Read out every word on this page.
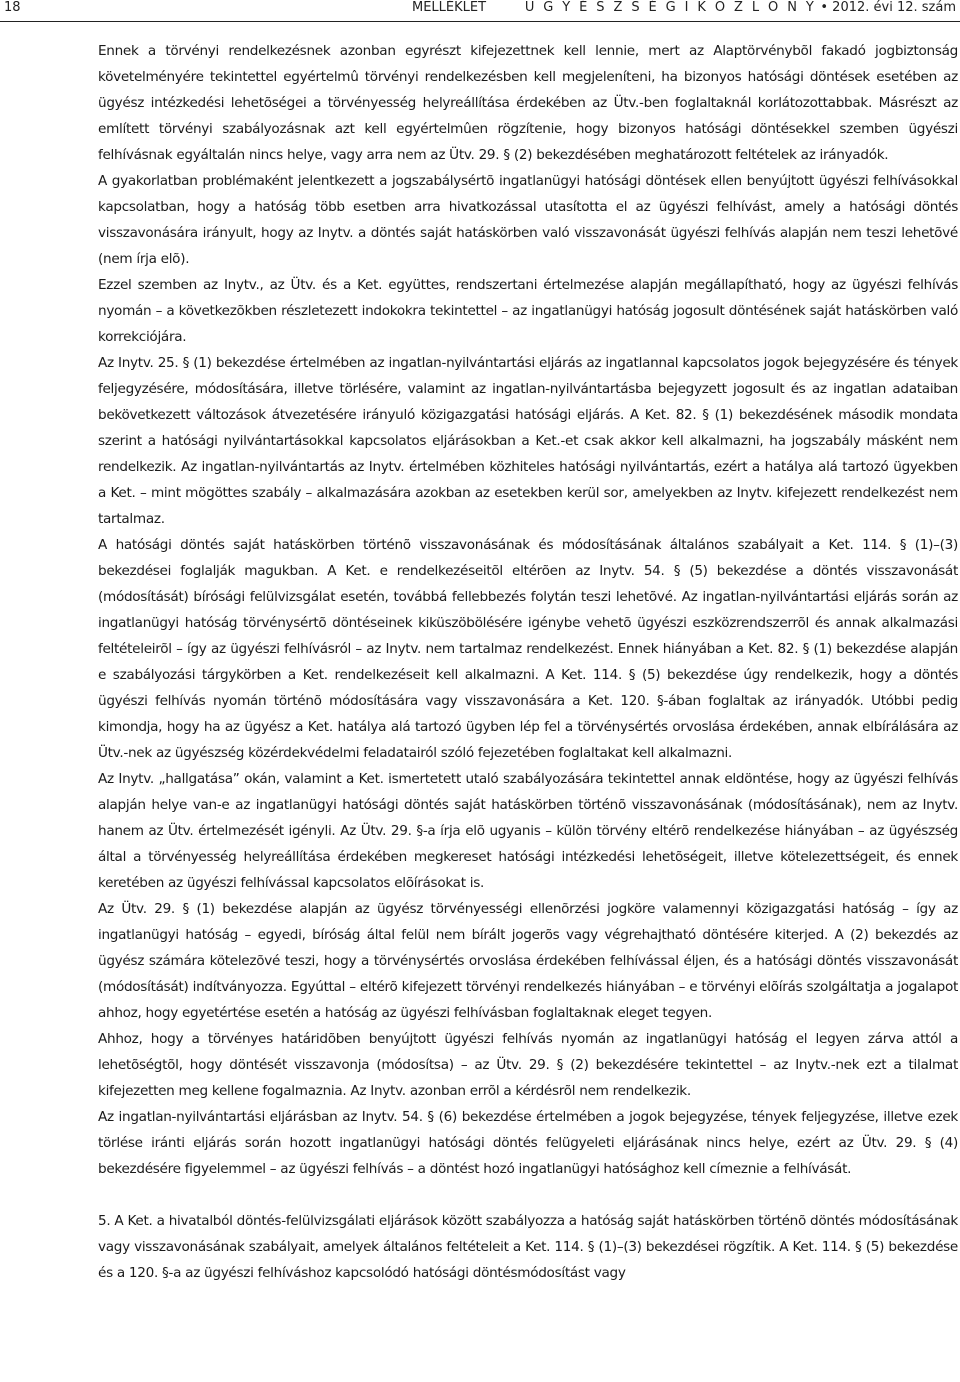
18	MELLÉKLET	Ü G Y É S Z S É G I K Ö Z L Ö N Y • 2012. évi 12. szám

Ennek a törvényi rendelkezésnek azonban egyrészt kifejezettnek kell lennie, mert az Alaptörvénybõl fakadó jogbiztonság követelményére tekintettel egyértelmû törvényi rendelkezésben kell megjeleníteni, ha bizonyos hatósági döntések esetében az ügyész intézkedési lehetõségei a törvényesség helyreállítása érdekében az Ütv.-ben foglaltaknál korlátozottabbak. Másrészt az említett törvényi szabályozásnak azt kell egyértelmûen rögzítenie, hogy bizonyos hatósági döntésekkel szemben ügyészi felhívásnak egyáltalán nincs helye, vagy arra nem az Ütv. 29. § (2) bekezdésében meghatározott feltételek az irányadók.

A gyakorlatban problémaként jelentkezett a jogszabálysértõ ingatlanügyi hatósági döntések ellen benyújtott ügyészi felhívásokkal kapcsolatban, hogy a hatóság több esetben arra hivatkozással utasította el az ügyészi felhívást, amely a hatósági döntés visszavonására irányult, hogy az Inytv. a döntés saját hatáskörben való visszavonását ügyészi felhívás alapján nem teszi lehetõvé (nem írja elõ).

Ezzel szemben az Inytv., az Ütv. és a Ket. együttes, rendszertani értelmezése alapján megállapítható, hogy az ügyészi felhívás nyomán – a következõkben részletezett indokokra tekintettel – az ingatlanügyi hatóság jogosult döntésének saját hatáskörben való korrekciójára.

Az Inytv. 25. § (1) bekezdése értelmében az ingatlan-nyilvántartási eljárás az ingatlannal kapcsolatos jogok bejegyzésére és tények feljegyzésére, módosítására, illetve törlésére, valamint az ingatlan-nyilvántartásba bejegyzett jogosult és az ingatlan adataiban bekövetkezett változások átvezetésére irányuló közigazgatási hatósági eljárás. A Ket. 82. § (1) bekezdésének második mondata szerint a hatósági nyilvántartásokkal kapcsolatos eljárásokban a Ket.-et csak akkor kell alkalmazni, ha jogszabály másként nem rendelkezik. Az ingatlan-nyilvántartás az Inytv. értelmében közhiteles hatósági nyilvántartás, ezért a hatálya alá tartozó ügyekben a Ket. – mint mögöttes szabály – alkalmazására azokban az esetekben kerül sor, amelyekben az Inytv. kifejezett rendelkezést nem tartalmaz.

A hatósági döntés saját hatáskörben történõ visszavonásának és módosításának általános szabályait a Ket. 114. § (1)–(3) bekezdései foglalják magukban. A Ket. e rendelkezéseitõl eltérõen az Inytv. 54. § (5) bekezdése a döntés visszavonását (módosítását) bírósági felülvizsgálat esetén, továbbá fellebbezés folytán teszi lehetõvé. Az ingatlan-nyilvántartási eljárás során az ingatlanügyi hatóság törvénysértõ döntéseinek kiküszöbölésére igénybe vehetõ ügyészi eszközrendszerrõl és annak alkalmazási feltételeirõl – így az ügyészi felhívásról – az Inytv. nem tartalmaz rendelkezést. Ennek hiányában a Ket. 82. § (1) bekezdése alapján e szabályozási tárgykörben a Ket. rendelkezéseit kell alkalmazni. A Ket. 114. § (5) bekezdése úgy rendelkezik, hogy a döntés ügyészi felhívás nyomán történõ módosítására vagy visszavonására a Ket. 120. §-ában foglaltak az irányadók. Utóbbi pedig kimondja, hogy ha az ügyész a Ket. hatálya alá tartozó ügyben lép fel a törvénysértés orvoslása érdekében, annak elbírálására az Ütv.-nek az ügyészség közérdekvédelmi feladatairól szóló fejezetében foglaltakat kell alkalmazni.

Az Inytv. „hallgatása” okán, valamint a Ket. ismertetett utaló szabályozására tekintettel annak eldöntése, hogy az ügyészi felhívás alapján helye van-e az ingatlanügyi hatósági döntés saját hatáskörben történõ visszavonásának (módosításának), nem az Inytv. hanem az Ütv. értelmezését igényli. Az Ütv. 29. §-a írja elõ ugyanis – külön törvény eltérõ rendelkezése hiányában – az ügyészség által a törvényesség helyreállítása érdekében megkereset hatósági intézkedési lehetõségeit, illetve kötelezettségeit, és ennek keretében az ügyészi felhívással kapcsolatos elõírásokat is.

Az Ütv. 29. § (1) bekezdése alapján az ügyész törvényességi ellenõrzési jogköre valamennyi közigazgatási hatóság – így az ingatlanügyi hatóság – egyedi, bíróság által felül nem bírált jogerõs vagy végrehajtható döntésére kiterjed. A (2) bekezdés az ügyész számára kötelezõvé teszi, hogy a törvénysértés orvoslása érdekében felhívással éljen, és a hatósági döntés visszavonását (módosítását) indítványozza. Egyúttal – eltérõ kifejezett törvényi rendelkezés hiányában – e törvényi elõírás szolgáltatja a jogalapot ahhoz, hogy egyetértése esetén a hatóság az ügyészi felhívásban foglaltaknak eleget tegyen.

Ahhoz, hogy a törvényes határidõben benyújtott ügyészi felhívás nyomán az ingatlanügyi hatóság el legyen zárva attól a lehetõségtõl, hogy döntését visszavonja (módosítsa) – az Ütv. 29. § (2) bekezdésére tekintettel – az Inytv.-nek ezt a tilalmat kifejezetten meg kellene fogalmaznia. Az Inytv. azonban errõl a kérdésrõl nem rendelkezik.

Az ingatlan-nyilvántartási eljárásban az Inytv. 54. § (6) bekezdése értelmében a jogok bejegyzése, tények feljegyzése, illetve ezek törlése iránti eljárás során hozott ingatlanügyi hatósági döntés felügyeleti eljárásának nincs helye, ezért az Ütv. 29. § (4) bekezdésére figyelemmel – az ügyészi felhívás – a döntést hozó ingatlanügyi hatósághoz kell címeznie a felhívását.

5. A Ket. a hivatalból döntés-felülvizsgálati eljárások között szabályozza a hatóság saját hatáskörben történõ döntés módosításának vagy visszavonásának szabályait, amelyek általános feltételeit a Ket. 114. § (1)–(3) bekezdései rögzítik. A Ket. 114. § (5) bekezdése és a 120. §-a az ügyészi felhíváshoz kapcsolódó hatósági döntésmódosítást vagy
